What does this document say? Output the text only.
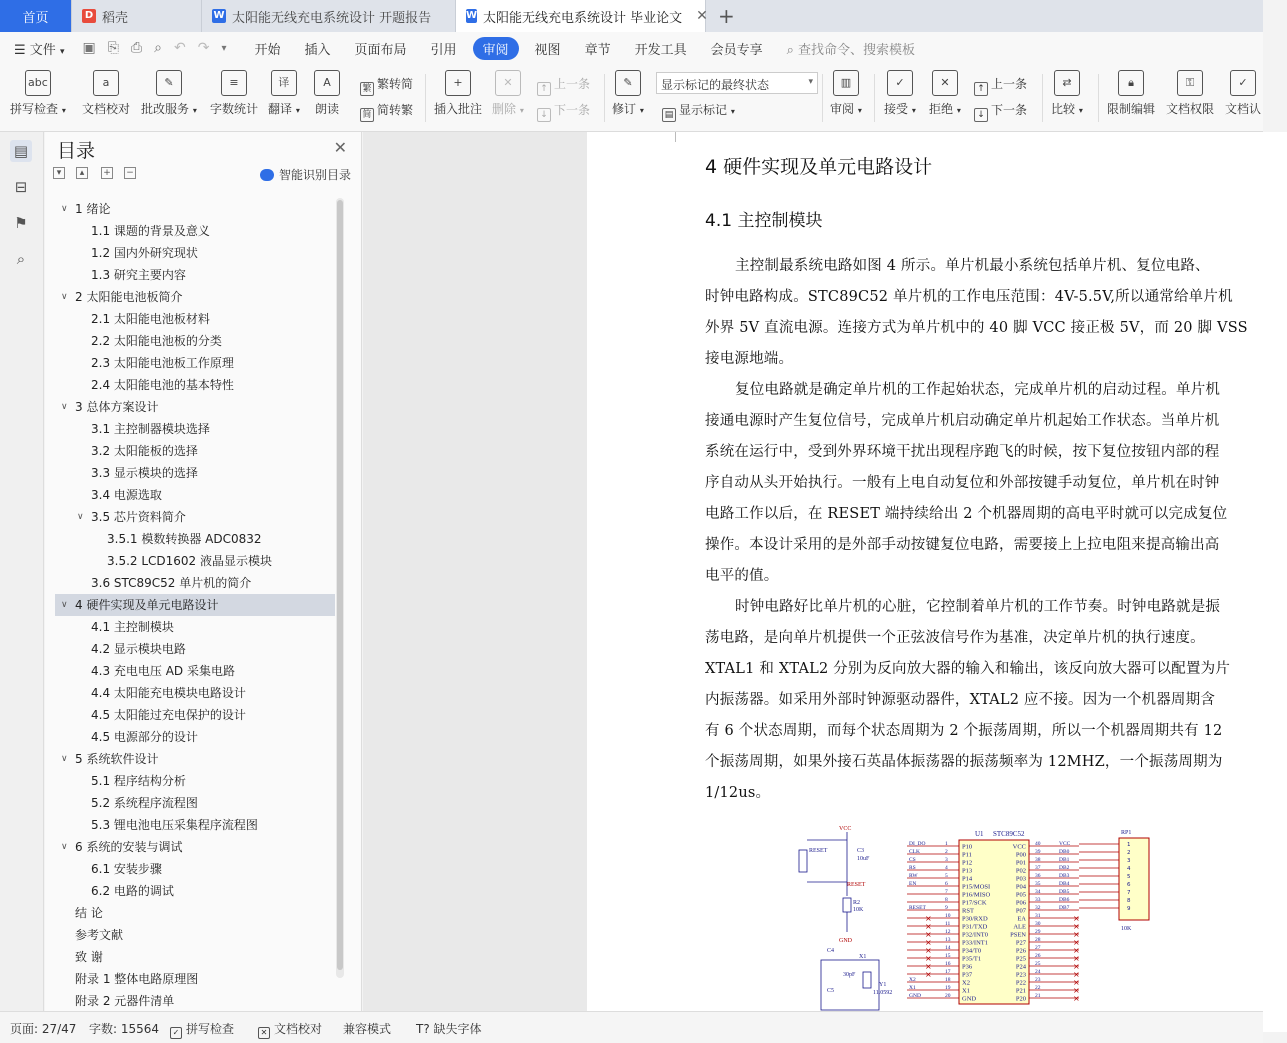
首页	D 稻壳	W 太阳能无线充电系统设计 开题报告	W 太阳能无线充电系统设计 毕业论文 ✕ +
☰ 文件 ▾	▣ ⎘ ⎙ ⌕ ↶ ↷ ▾	开始	插入	页面布局	引用	审阅	视图	章节	开发工具	会员专享	⌕ 查找命令、搜索模板
abc
拼写检查 ▾
a
文档校对
✎
批改服务 ▾
≡
字数统计
译
翻译 ▾
A
朗读
繁 繁转简
简 简转繁
+
插入批注
✕
删除 ▾
↑ 上一条
↓ 下一条
✎
修订 ▾
显示标记的最终状态	▾
▤ 显示标记 ▾
▥
审阅 ▾
✓
接受 ▾
✕
拒绝 ▾
↑ 上一条
↓ 下一条
⇄
比较 ▾
🔒︎
限制编辑
⚿
文档权限
✓
文档认
▤
⊟
⚑
⌕
目录	✕
▾	▴	+ −	智能识别目录
∨ 1 绪论
1.1 课题的背景及意义
1.2 国内外研究现状
1.3 研究主要内容
∨ 2 太阳能电池板简介
2.1 太阳能电池板材料
2.2 太阳能电池板的分类
2.3 太阳能电池板工作原理
2.4 太阳能电池的基本特性
∨ 3 总体方案设计
3.1 主控制器模块选择
3.2 太阳能板的选择
3.3 显示模块的选择
3.4 电源选取
∨ 3.5 芯片资料简介
3.5.1 模数转换器 ADC0832
3.5.2 LCD1602 液晶显示模块
3.6 STC89C52 单片机的简介
∨ 4 硬件实现及单元电路设计
4.1 主控制模块
4.2 显示模块电路
4.3 充电电压 AD 采集电路
4.4 太阳能充电模块电路设计
4.5 太阳能过充电保护的设计
4.5 电源部分的设计
∨ 5 系统软件设计
5.1 程序结构分析
5.2 系统程序流程图
5.3 锂电池电压采集程序流程图
∨ 6 系统的安装与调试
6.1 安装步骤
6.2 电路的调试
结 论
参考文献
致 谢
附录 1 整体电路原理图
附录 2 元器件清单
4 硬件实现及单元电路设计
4.1 主控制模块
主控制最系统电路如图 4 所示。单片机最小系统包括单片机、复位电路、
时钟电路构成。STC89C52 单片机的工作电压范围：4V-5.5V,所以通常给单片机
外界 5V 直流电源。连接方式为单片机中的 40 脚 VCC 接正极 5V，而 20 脚 VSS
接电源地端。
复位电路就是确定单片机的工作起始状态，完成单片机的启动过程。单片机
接通电源时产生复位信号，完成单片机启动确定单片机起始工作状态。当单片机
系统在运行中，受到外界环境干扰出现程序跑飞的时候，按下复位按钮内部的程
序自动从头开始执行。一般有上电自动复位和外部按键手动复位，单片机在时钟
电路工作以后，在 RESET 端持续给出 2 个机器周期的高电平时就可以完成复位
操作。本设计采用的是外部手动按键复位电路，需要接上上拉电阻来提高输出高
电平的值。
时钟电路好比单片机的心脏，它控制着单片机的工作节奏。时钟电路就是振
荡电路，是向单片机提供一个正弦波信号作为基准，决定单片机的执行速度。
XTAL1 和 XTAL2 分别为反向放大器的输入和输出，该反向放大器可以配置为片
内振荡器。如采用外部时钟源驱动器件，XTAL2 应不接。因为一个机器周期含
有 6 个状态周期，而每个状态周期为 2 个振荡周期，所以一个机器周期共有 12
个振荡周期，如果外接石英晶体振荡器的振荡频率为 12MHZ，一个振荡周期为
1/12us。
U1 STC89C52
P10
1
P11
2
P12
3
P13
4
P14
5
P15/MOSI
6
P16/MISO
7
P17/SCK
8
RST
9
P30/RXD
10
×
P31/TXD
11
×
P32/INT0
12
×
P33/INT1
13
×
P34/T0
14
×
P35/T1
15
×
P36
16
×
P37
17
×
X2
18
X1
19
GND
20
VCC 40
P00 39
P01 38
P02 37
P03 36
P04 35
P05 34
P06 33
P07 32
EA 31	×
ALE 30	×
PSEN 29	×
P27 28	×
P26 27	×
P25 26	×
P24 25	×
P23 24	×
P22 23	×
P21 22	×
P20 21	×
DI_DO
CLK
CS
RS
RW
EN
VCC
DB0
DB1
DB2
DB3
DB4
DB5
DB6
DB7
RESET
X2
X1
GND
RP1
10K
1
2
3
4
5
6
7
8
9
VCC
RESET	C3
10uF
RESET
R2
10K
GND
C4
30pF
C5
X1
Y1
11.0592
页面: 27/47 字数: 15564	✓ 拼写检查	✕ 文档校对 兼容模式 T? 缺失字体
